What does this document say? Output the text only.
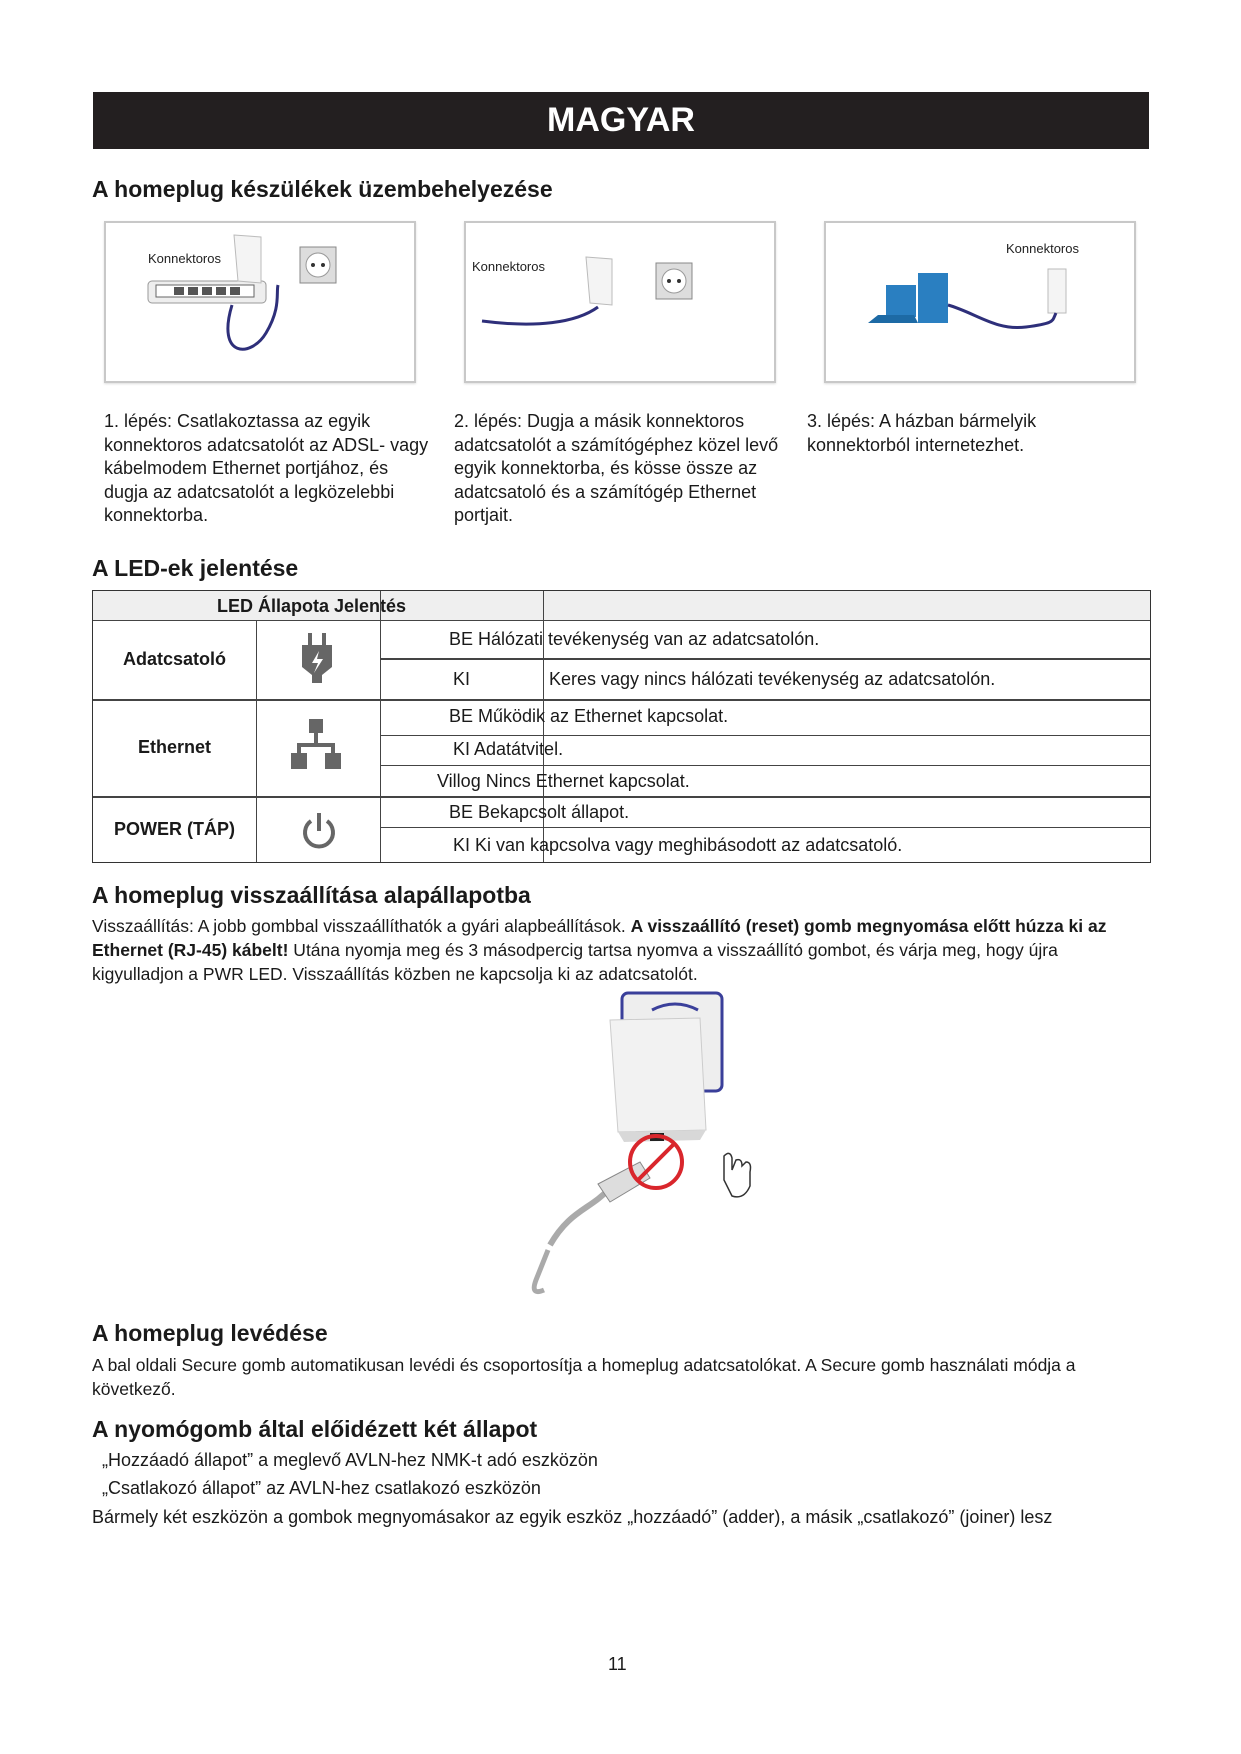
MAGYAR
A homeplug készülékek üzembehelyezése
Konnektoros
Konnektoros
Konnektoros
1. lépés: Csatlakoztassa az egyik konnektoros adatcsatolót az ADSL- vagy kábelmodem Ethernet portjához, és dugja az adatcsatolót a legközelebbi konnektorba.
2. lépés: Dugja a másik konnektoros adatcsatolót a számítógéphez közel levő egyik konnektorba, és kösse össze az adatcsatoló és a számítógép Ethernet portjait.
3. lépés: A házban bármelyik konnektorból internetezhet.
A LED-ek jelentése
LED Állapota Jelentés
Adatcsatoló
BE Hálózati tevékenység van az adatcsatolón.
KI	Keres vagy nincs hálózati tevékenység az adatcsatolón.
Ethernet
BE Működik az Ethernet kapcsolat.
KI Adatátvitel.
Villog Nincs Ethernet kapcsolat.
POWER (TÁP)
BE Bekapcsolt állapot.
KI Ki van kapcsolva vagy meghibásodott az adatcsatoló.
A homeplug visszaállítása alapállapotba
Visszaállítás: A jobb gombbal visszaállíthatók a gyári alapbeállítások. A visszaállító (reset) gomb megnyomása előtt húzza ki az Ethernet (RJ-45) kábelt! Utána nyomja meg és 3 másodpercig tartsa nyomva a visszaállító gombot, és várja meg, hogy újra kigyulladjon a PWR LED. Visszaállítás közben ne kapcsolja ki az adatcsatolót.
A homeplug levédése
A bal oldali Secure gomb automatikusan levédi és csoportosítja a homeplug adatcsatolókat. A Secure gomb használati módja a következő.
A nyomógomb által előidézett két állapot
„Hozzáadó állapot” a meglevő AVLN-hez NMK-t adó eszközön
„Csatlakozó állapot” az AVLN-hez csatlakozó eszközön
Bármely két eszközön a gombok megnyomásakor az egyik eszköz „hozzáadó” (adder), a másik „csatlakozó” (joiner) lesz
11
